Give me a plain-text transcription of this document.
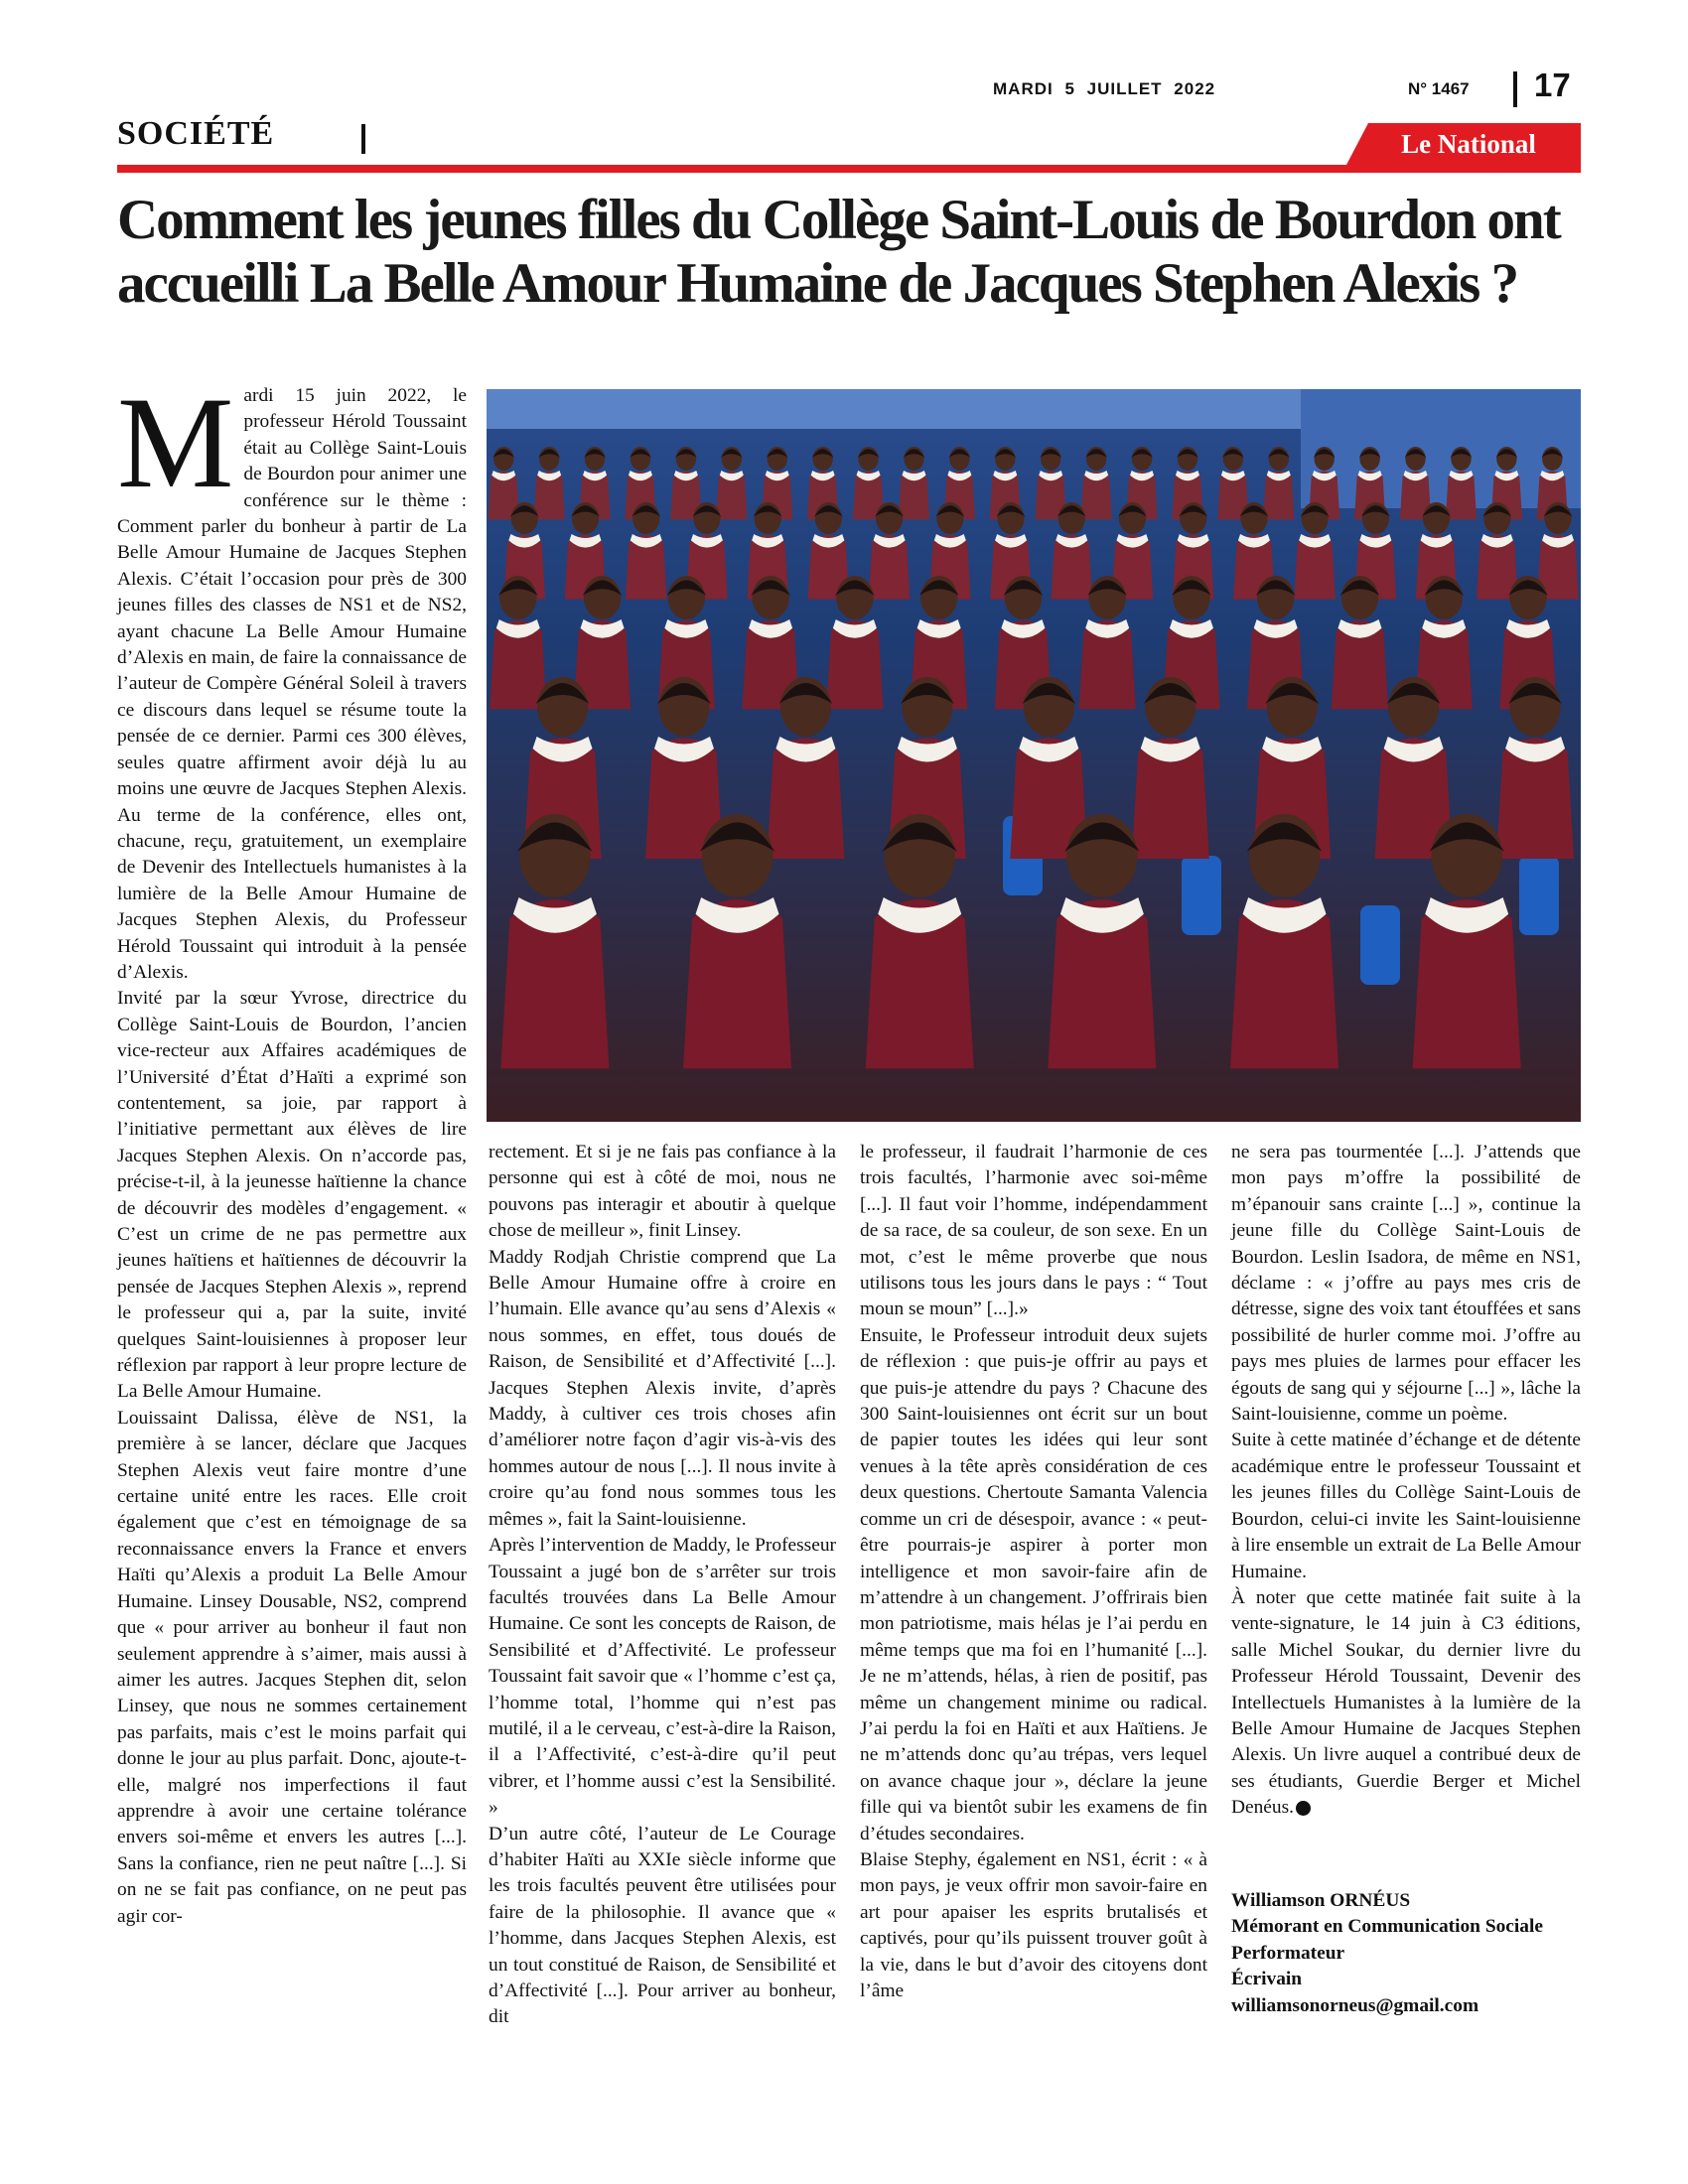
MARDI 5 JUILLET 2022	N° 1467 17
SOCIÉTÉ	Le National
Comment les jeunes filles du Collège Saint-Louis de Bourdon ont accueilli La Belle Amour Humaine de Jacques Stephen Alexis ?
M ardi 15 juin 2022, le professeur Hérold Toussaint était au Collège Saint-Louis de Bourdon pour animer une conférence sur le thème : Comment parler du bonheur à partir de La Belle Amour Humaine de Jacques Stephen Alexis. C’était l’occasion pour près de 300 jeunes filles des classes de NS1 et de NS2, ayant chacune La Belle Amour Humaine d’Alexis en main, de faire la connaissance de l’auteur de Compère Général Soleil à travers ce discours dans lequel se résume toute la pensée de ce dernier. Parmi ces 300 élèves, seules quatre affirment avoir déjà lu au moins une œuvre de Jacques Stephen Alexis. Au terme de la conférence, elles ont, chacune, reçu, gratuitement, un exemplaire de Devenir des Intellectuels humanistes à la lumière de la Belle Amour Humaine de Jacques Stephen Alexis, du Professeur Hérold Toussaint qui introduit à la pensée d’Alexis.

Invité par la sœur Yvrose, directrice du Collège Saint-Louis de Bourdon, l’ancien vice-recteur aux Affaires académiques de l’Université d’État d’Haïti a exprimé son contentement, sa joie, par rapport à l’initiative permettant aux élèves de lire Jacques Stephen Alexis. On n’accorde pas, précise-t-il, à la jeunesse haïtienne la chance de découvrir des modèles d’engagement. « C’est un crime de ne pas permettre aux jeunes haïtiens et haïtiennes de découvrir la pensée de Jacques Stephen Alexis », reprend le professeur qui a, par la suite, invité quelques Saint-louisiennes à proposer leur réflexion par rapport à leur propre lecture de La Belle Amour Humaine.

Louissaint Dalissa, élève de NS1, la première à se lancer, déclare que Jacques Stephen Alexis veut faire montre d’une certaine unité entre les races. Elle croit également que c’est en témoignage de sa reconnaissance envers la France et envers Haïti qu’Alexis a produit La Belle Amour Humaine. Linsey Dousable, NS2, comprend que « pour arriver au bonheur il faut non seulement apprendre à s’aimer, mais aussi à aimer les autres. Jacques Stephen dit, selon Linsey, que nous ne sommes certainement pas parfaits, mais c’est le moins parfait qui donne le jour au plus parfait. Donc, ajoute-t-elle, malgré nos imperfections il faut apprendre à avoir une certaine tolérance envers soi-même et envers les autres [...]. Sans la confiance, rien ne peut naître [...]. Si on ne se fait pas confiance, on ne peut pas agir cor-

rectement. Et si je ne fais pas confiance à la personne qui est à côté de moi, nous ne pouvons pas interagir et aboutir à quelque chose de meilleur », finit Linsey.

Maddy Rodjah Christie comprend que La Belle Amour Humaine offre à croire en l’humain. Elle avance qu’au sens d’Alexis « nous sommes, en effet, tous doués de Raison, de Sensibilité et d’Affectivité [...]. Jacques Stephen Alexis invite, d’après Maddy, à cultiver ces trois choses afin d’améliorer notre façon d’agir vis-à-vis des hommes autour de nous [...]. Il nous invite à croire qu’au fond nous sommes tous les mêmes », fait la Saint-louisienne.

Après l’intervention de Maddy, le Professeur Toussaint a jugé bon de s’arrêter sur trois facultés trouvées dans La Belle Amour Humaine. Ce sont les concepts de Raison, de Sensibilité et d’Affectivité. Le professeur Toussaint fait savoir que « l’homme c’est ça, l’homme total, l’homme qui n’est pas mutilé, il a le cerveau, c’est-à-dire la Raison, il a l’Affectivité, c’est-à-dire qu’il peut vibrer, et l’homme aussi c’est la Sensibilité. »

D’un autre côté, l’auteur de Le Courage d’habiter Haïti au XXIe siècle informe que les trois facultés peuvent être utilisées pour faire de la philosophie. Il avance que « l’homme, dans Jacques Stephen Alexis, est un tout constitué de Raison, de Sensibilité et d’Affectivité [...]. Pour arriver au bonheur, dit

le professeur, il faudrait l’harmonie de ces trois facultés, l’harmonie avec soi-même [...]. Il faut voir l’homme, indépendamment de sa race, de sa couleur, de son sexe. En un mot, c’est le même proverbe que nous utilisons tous les jours dans le pays : “ Tout moun se moun” [...].»

Ensuite, le Professeur introduit deux sujets de réflexion : que puis-je offrir au pays et que puis-je attendre du pays ? Chacune des 300 Saint-louisiennes ont écrit sur un bout de papier toutes les idées qui leur sont venues à la tête après considération de ces deux questions. Chertoute Samanta Valencia comme un cri de désespoir, avance : « peut-être pourrais-je aspirer à porter mon intelligence et mon savoir-faire afin de m’attendre à un changement. J’offrirais bien mon patriotisme, mais hélas je l’ai perdu en même temps que ma foi en l’humanité [...]. Je ne m’attends, hélas, à rien de positif, pas même un changement minime ou radical. J’ai perdu la foi en Haïti et aux Haïtiens. Je ne m’attends donc qu’au trépas, vers lequel on avance chaque jour », déclare la jeune fille qui va bientôt subir les examens de fin d’études secondaires.

Blaise Stephy, également en NS1, écrit : « à mon pays, je veux offrir mon savoir-faire en art pour apaiser les esprits brutalisés et captivés, pour qu’ils puissent trouver goût à la vie, dans le but d’avoir des citoyens dont l’âme

ne sera pas tourmentée [...]. J’attends que mon pays m’offre la possibilité de m’épanouir sans crainte [...] », continue la jeune fille du Collège Saint-Louis de Bourdon. Leslin Isadora, de même en NS1, déclame : « j’offre au pays mes cris de détresse, signe des voix tant étouffées et sans possibilité de hurler comme moi. J’offre au pays mes pluies de larmes pour effacer les égouts de sang qui y séjourne [...] », lâche la Saint-louisienne, comme un poème.

Suite à cette matinée d’échange et de détente académique entre le professeur Toussaint et les jeunes filles du Collège Saint-Louis de Bourdon, celui-ci invite les Saint-louisienne à lire ensemble un extrait de La Belle Amour Humaine.

À noter que cette matinée fait suite à la vente-signature, le 14 juin à C3 éditions, salle Michel Soukar, du dernier livre du Professeur Hérold Toussaint, Devenir des Intellectuels Humanistes à la lumière de la Belle Amour Humaine de Jacques Stephen Alexis. Un livre auquel a contribué deux de ses étudiants, Guerdie Berger et Michel Denéus.

Williamson ORNÉUS

Mémorant en Communication Sociale

Performateur

Écrivain

williamsonorneus@gmail.com
